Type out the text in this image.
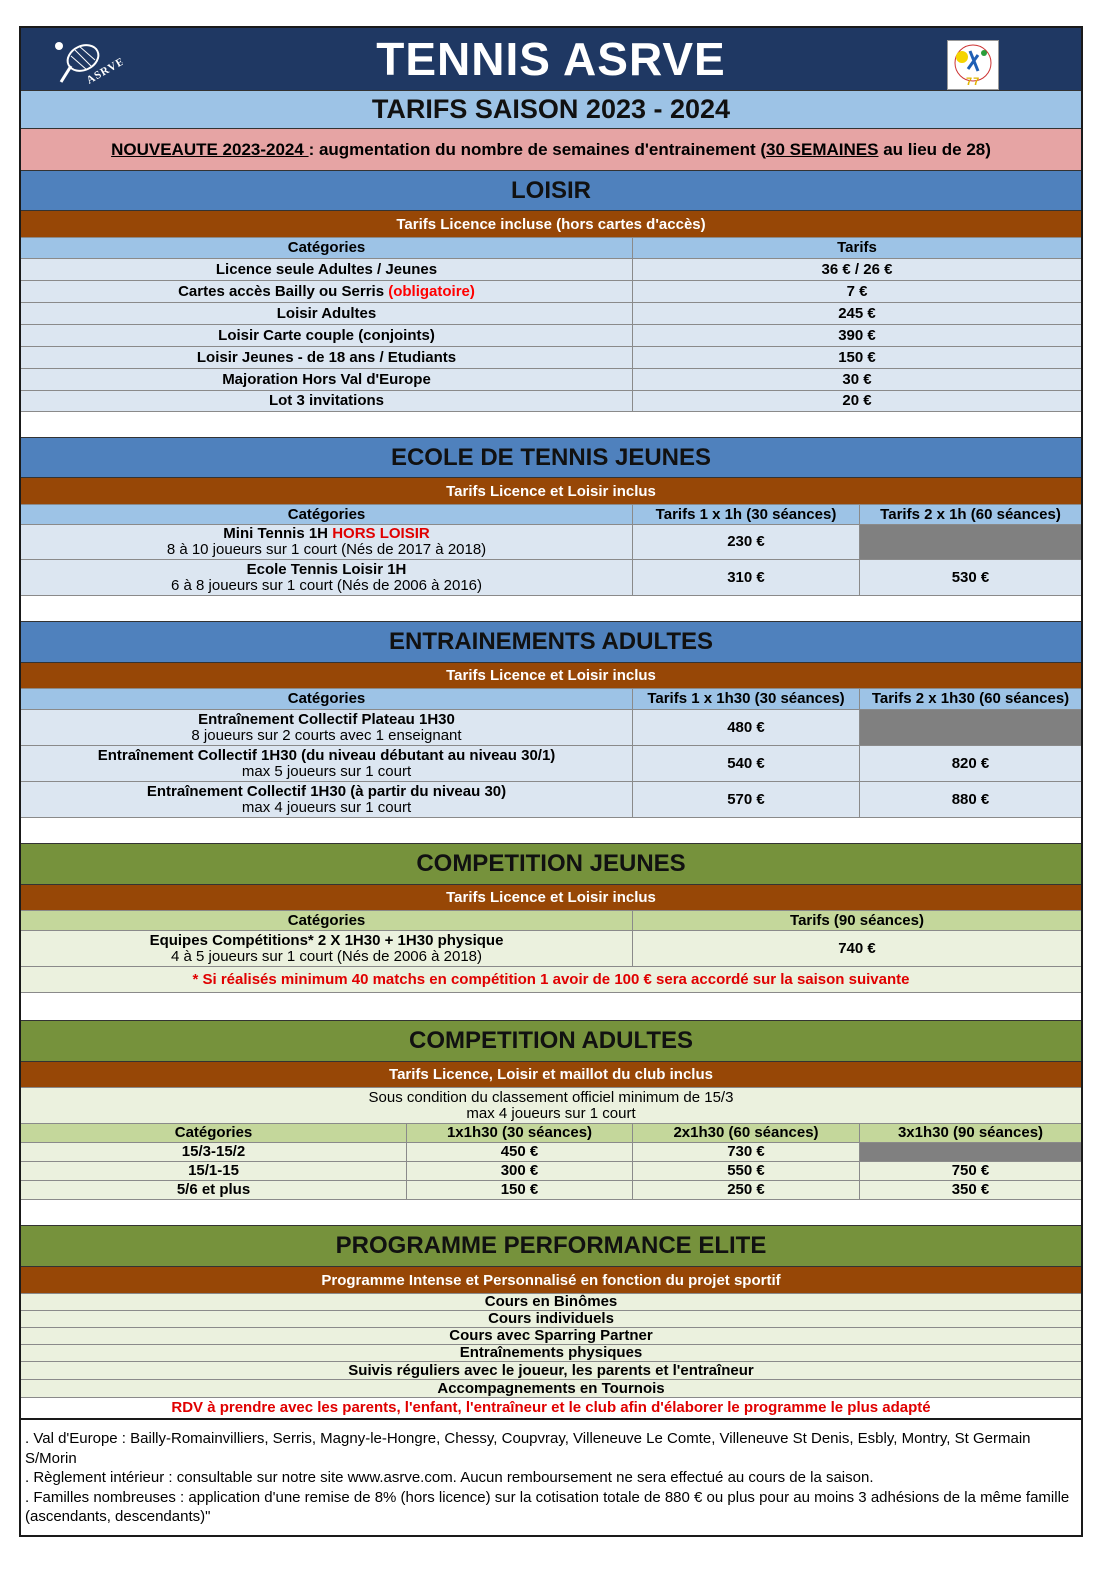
ASRVE	TENNIS ASRVE	77
TARIFS SAISON 2023 - 2024
NOUVEAUTE 2023-2024 : augmentation du nombre de semaines d'entrainement (30 SEMAINES au lieu de 28)
LOISIR
Tarifs Licence incluse (hors cartes d'accès)
Catégories	Tarifs
Licence seule Adultes / Jeunes	36 € / 26 €
Cartes accès Bailly ou Serris (obligatoire)	7 €
Loisir Adultes	245 €
Loisir Carte couple (conjoints)	390 €
Loisir Jeunes - de 18 ans / Etudiants	150 €
Majoration Hors Val d'Europe	30 €
Lot 3 invitations	20 €
ECOLE DE TENNIS JEUNES
Tarifs Licence et Loisir inclus
Catégories	Tarifs 1 x 1h (30 séances)	Tarifs 2 x 1h (60 séances)
Mini Tennis 1H HORS LOISIR
8 à 10 joueurs sur 1 court (Nés de 2017 à 2018)	230 €
Ecole Tennis Loisir 1H
6 à 8 joueurs sur 1 court (Nés de 2006 à 2016)	310 €	530 €
ENTRAINEMENTS ADULTES
Tarifs Licence et Loisir inclus
Catégories	Tarifs 1 x 1h30 (30 séances)	Tarifs 2 x 1h30 (60 séances)
Entraînement Collectif Plateau 1H30
8 joueurs sur 2 courts avec 1 enseignant	480 €
Entraînement Collectif 1H30 (du niveau débutant au niveau 30/1)
max 5 joueurs sur 1 court	540 €	820 €
Entraînement Collectif 1H30 (à partir du niveau 30)
max 4 joueurs sur 1 court	570 €	880 €
COMPETITION JEUNES
Tarifs Licence et Loisir inclus
Catégories	Tarifs (90 séances)
Equipes Compétitions* 2 X 1H30 + 1H30 physique
4 à 5 joueurs sur 1 court (Nés de 2006 à 2018)	740 €
* Si réalisés minimum 40 matchs en compétition 1 avoir de 100 € sera accordé sur la saison suivante
COMPETITION ADULTES
Tarifs Licence, Loisir et maillot du club inclus
Sous condition du classement officiel minimum de 15/3
max 4 joueurs sur 1 court
Catégories	1x1h30 (30 séances)	2x1h30 (60 séances)	3x1h30 (90 séances)
15/3-15/2	450 €	730 €
15/1-15	300 €	550 €	750 €
5/6 et plus	150 €	250 €	350 €
PROGRAMME PERFORMANCE ELITE
Programme Intense et Personnalisé en fonction du projet sportif
Cours en Binômes
Cours individuels
Cours avec Sparring Partner
Entraînements physiques
Suivis réguliers avec le joueur, les parents et l'entraîneur
Accompagnements en Tournois
RDV à prendre avec les parents, l'enfant, l'entraîneur et le club afin d'élaborer le programme le plus adapté

. Val d'Europe : Bailly-Romainvilliers, Serris, Magny-le-Hongre, Chessy, Coupvray, Villeneuve Le Comte, Villeneuve St Denis, Esbly, Montry, St Germain S/Morin

. Règlement intérieur : consultable sur notre site www.asrve.com. Aucun remboursement ne sera effectué au cours de la saison.

. Familles nombreuses : application d'une remise de 8% (hors licence) sur la cotisation totale de 880 € ou plus pour au moins 3 adhésions de la même famille (ascendants, descendants)"
